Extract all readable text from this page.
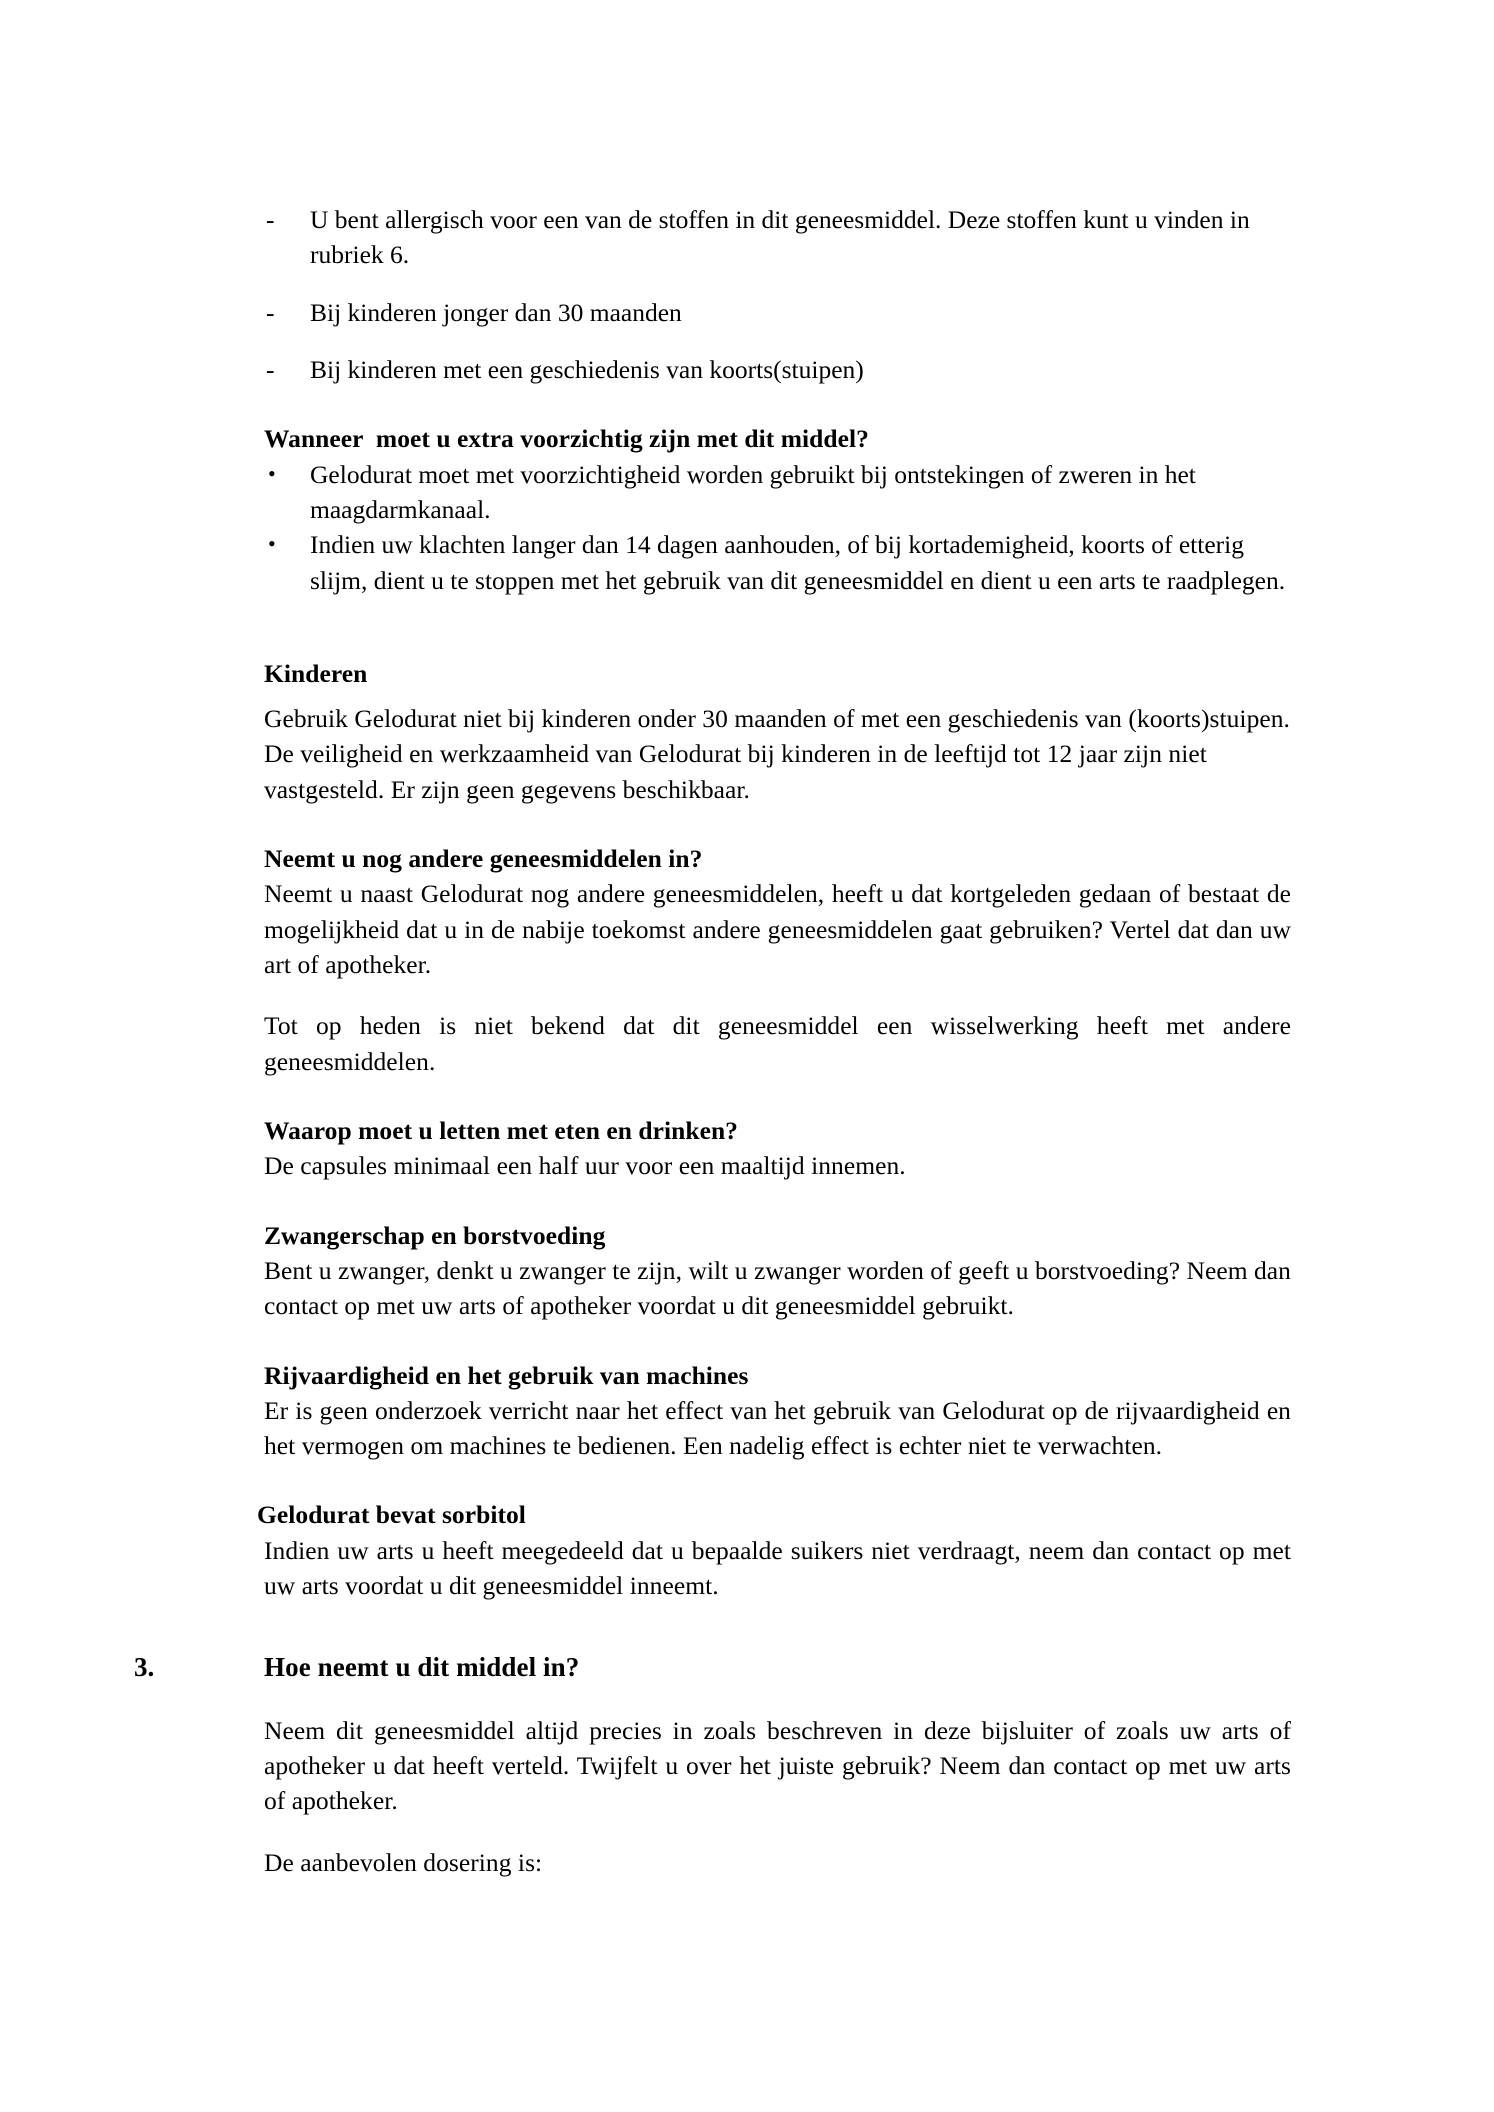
- U bent allergisch voor een van de stoffen in dit geneesmiddel. Deze stoffen kunt u vinden in rubriek 6.
- Bij kinderen jonger dan 30 maanden
- Bij kinderen met een geschiedenis van koorts(stuipen)
Wanneer  moet u extra voorzichtig zijn met dit middel?
• Gelodurat moet met voorzichtigheid worden gebruikt bij ontstekingen of zweren in het maagdarmkanaal.
• Indien uw klachten langer dan 14 dagen aanhouden, of bij kortademigheid, koorts of etterig slijm, dient u te stoppen met het gebruik van dit geneesmiddel en dient u een arts te raadplegen.
Kinderen

Gebruik Gelodurat niet bij kinderen onder 30 maanden of met een geschiedenis van (koorts)stuipen.

De veiligheid en werkzaamheid van Gelodurat bij kinderen in de leeftijd tot 12 jaar zijn niet vastgesteld. Er zijn geen gegevens beschikbaar.

Neemt u nog andere geneesmiddelen in?

Neemt u naast Gelodurat nog andere geneesmiddelen, heeft u dat kortgeleden gedaan of bestaat de mogelijkheid dat u in de nabije toekomst andere geneesmiddelen gaat gebruiken? Vertel dat dan uw art of apotheker.

Tot op heden is niet bekend dat dit geneesmiddel een wisselwerking heeft met andere geneesmiddelen.

Waarop moet u letten met eten en drinken?

De capsules minimaal een half uur voor een maaltijd innemen.

Zwangerschap en borstvoeding

Bent u zwanger, denkt u zwanger te zijn, wilt u zwanger worden of geeft u borstvoeding? Neem dan contact op met uw arts of apotheker voordat u dit geneesmiddel gebruikt.

Rijvaardigheid en het gebruik van machines

Er is geen onderzoek verricht naar het effect van het gebruik van Gelodurat op de rijvaardigheid en het vermogen om machines te bedienen. Een nadelig effect is echter niet te verwachten.

Gelodurat bevat sorbitol

Indien uw arts u heeft meegedeeld dat u bepaalde suikers niet verdraagt, neem dan contact op met uw arts voordat u dit geneesmiddel inneemt.

3.	Hoe neemt u dit middel in?

Neem dit geneesmiddel altijd precies in zoals beschreven in deze bijsluiter of zoals uw arts of apotheker u dat heeft verteld. Twijfelt u over het juiste gebruik? Neem dan contact op met uw arts of apotheker.

De aanbevolen dosering is:
